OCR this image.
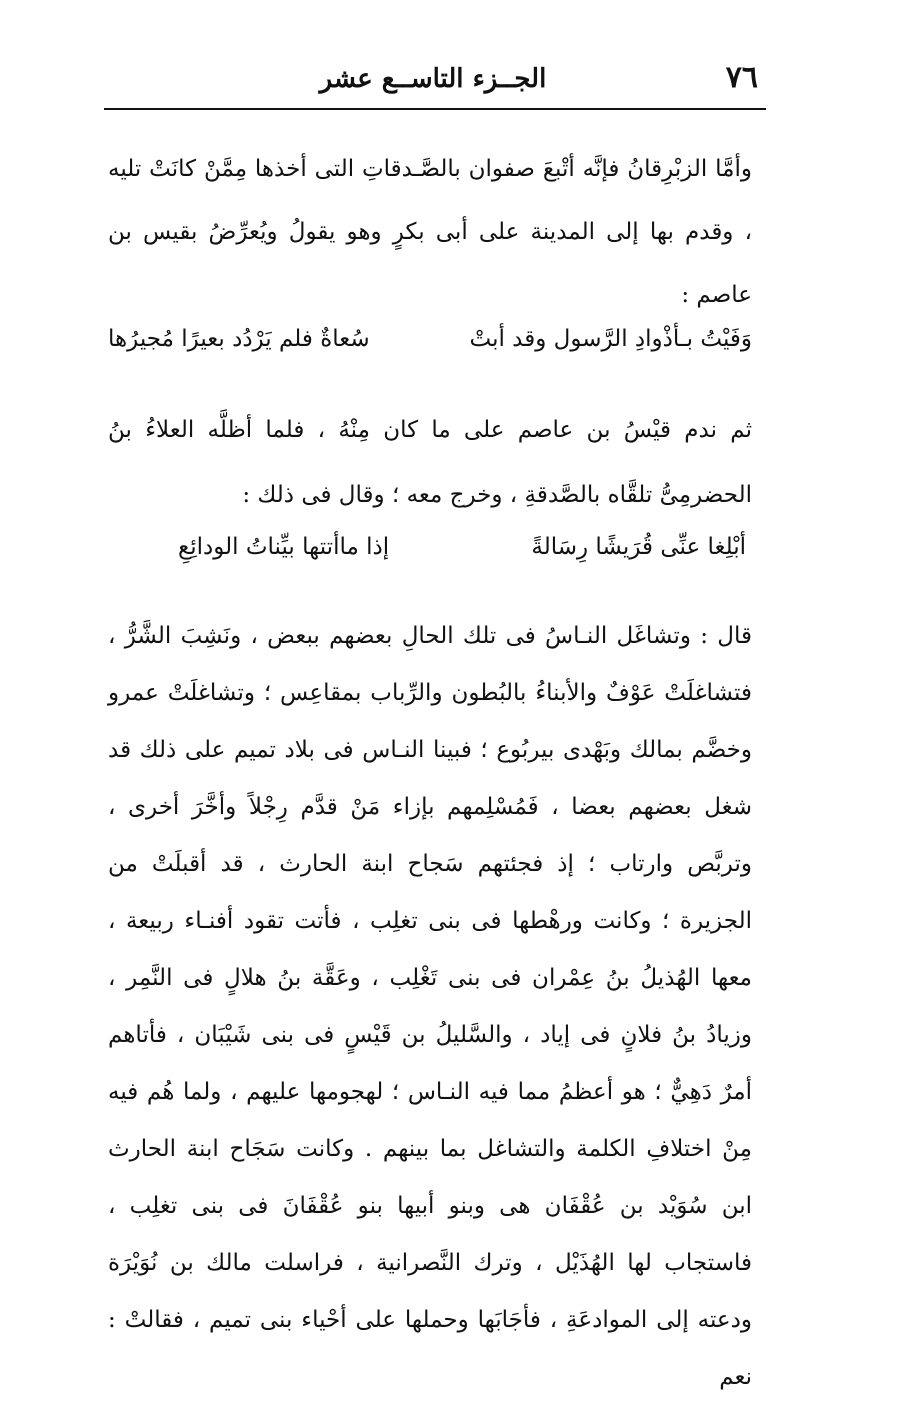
٧٦
الجــزء التاســع عشر

وأمَّا الزبْرِقانُ فإنَّه أتْبعَ صفوان بالصَّـدقاتِ التى أخذها مِمَّنْ كانَتْ تليه ، وقدم بها إلى المدينة على أبى بكرٍ وهو يقولُ ويُعرِّضُ بقيس بن عاصم :

وَفَيْتُ بـأذْوادِ الرَّسول وقد أبتْ
سُعاةٌ فلم يَرْدُد بعيرًا مُجيرُها

ثم ندم قيْسُ بن عاصم على ما كان مِنْهُ ، فلما أظلَّه العلاءُ بنُ الحضرمِىُّ تلقَّاه بالصَّدقةِ ، وخرج معه ؛ وقال فى ذلك :

أبْلِغا عنِّى قُرَيشًا رِسَالةً
إذا ماأتتها بيِّناتُ الودائِعِ

قال : وتشاغَل النـاسُ فى تلك الحالِ بعضهم ببعض ، ونَشِبَ الشَّرُّ ، فتشاغلَتْ عَوْفٌ والأبناءُ بالبُطون والرِّباب بمقاعِس ؛ وتشاغلَتْ عمرو وخضَّم بمالك وبَهْدى بيربُوع ؛ فبينا النـاس فى بلاد تميم على ذلك قد شغل بعضهم بعضا ، فَمُسْلِمهم بإزاء مَنْ قدَّم رِجْلاً وأخَّرَ أخرى ، وتربَّص وارتاب ؛ إذ فجئتهم سَجاح ابنة الحارث ، قد أقبلَتْ من الجزيرة ؛ وكانت ورهْطها فى بنى تغلِب ، فأتت تقود أفنـاء ربيعة ، معها الهُذيلُ بنُ عِمْران فى بنى تَغْلِب ، وعَقَّة بنُ هلالٍ فى النَّمِر ، وزيادُ بنُ فلانٍ فى إياد ، والسَّليلُ بن قَيْسٍ فى بنى شَيْبَان ، فأتاهم أمرٌ دَهِيٌّ ؛ هو أعظمُ مما فيه النـاس ؛ لهجومها عليهم ، ولما هُم فيه مِنْ اختلافِ الكلمة والتشاغل بما بينهم . وكانت سَجَاح ابنة الحارث ابن سُوَيْد بن عُقْفَان هى وبنو أبيها بنو عُقْفَانَ فى بنى تغلِب ، فاستجاب لها الهُذَيْل ، وترك النَّصرانية ، فراسلت مالك بن نُوَيْرَة ودعته إلى الموادعَةِ ، فأجَابَها وحملها على أحْياء بنى تميم ، فقالتْ : نعم
